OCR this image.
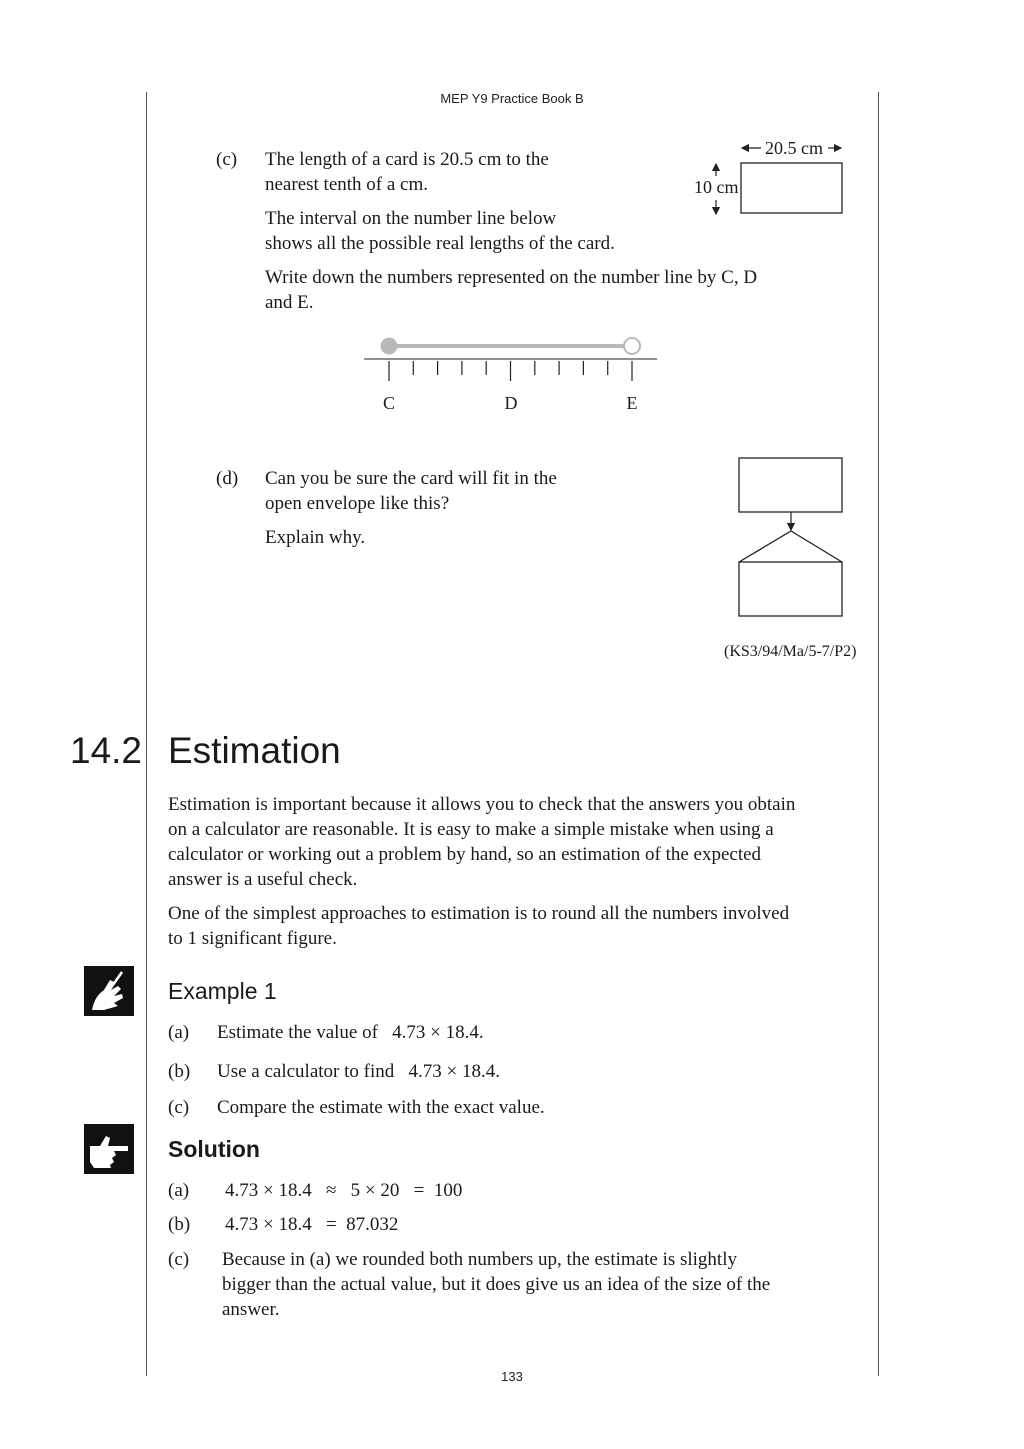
MEP Y9 Practice Book B
(c) The length of a card is 20.5 cm to the
nearest tenth of a cm.
The interval on the number line below
shows all the possible real lengths of the card.
Write down the numbers represented on the number line by C, D
and E.
20.5 cm
10 cm
C	D	E
(d) Can you be sure the card will fit in the
open envelope like this?
Explain why.
(KS3/94/Ma/5-7/P2)
14.2 Estimation
Estimation is important because it allows you to check that the answers you obtain
on a calculator are reasonable. It is easy to make a simple mistake when using a
calculator or working out a problem by hand, so an estimation of the expected
answer is a useful check.
One of the simplest approaches to estimation is to round all the numbers involved
to 1 significant figure.
Example 1
(a) Estimate the value of 4.73 × 18.4.
(b) Use a calculator to find 4.73 × 18.4.
(c) Compare the estimate with the exact value.
Solution
(a) 4.73 × 18.4   ≈   5 × 20   =  100
(b) 4.73 × 18.4   =  87.032
(c) Because in (a) we rounded both numbers up, the estimate is slightly
bigger than the actual value, but it does give us an idea of the size of the
answer.
133
